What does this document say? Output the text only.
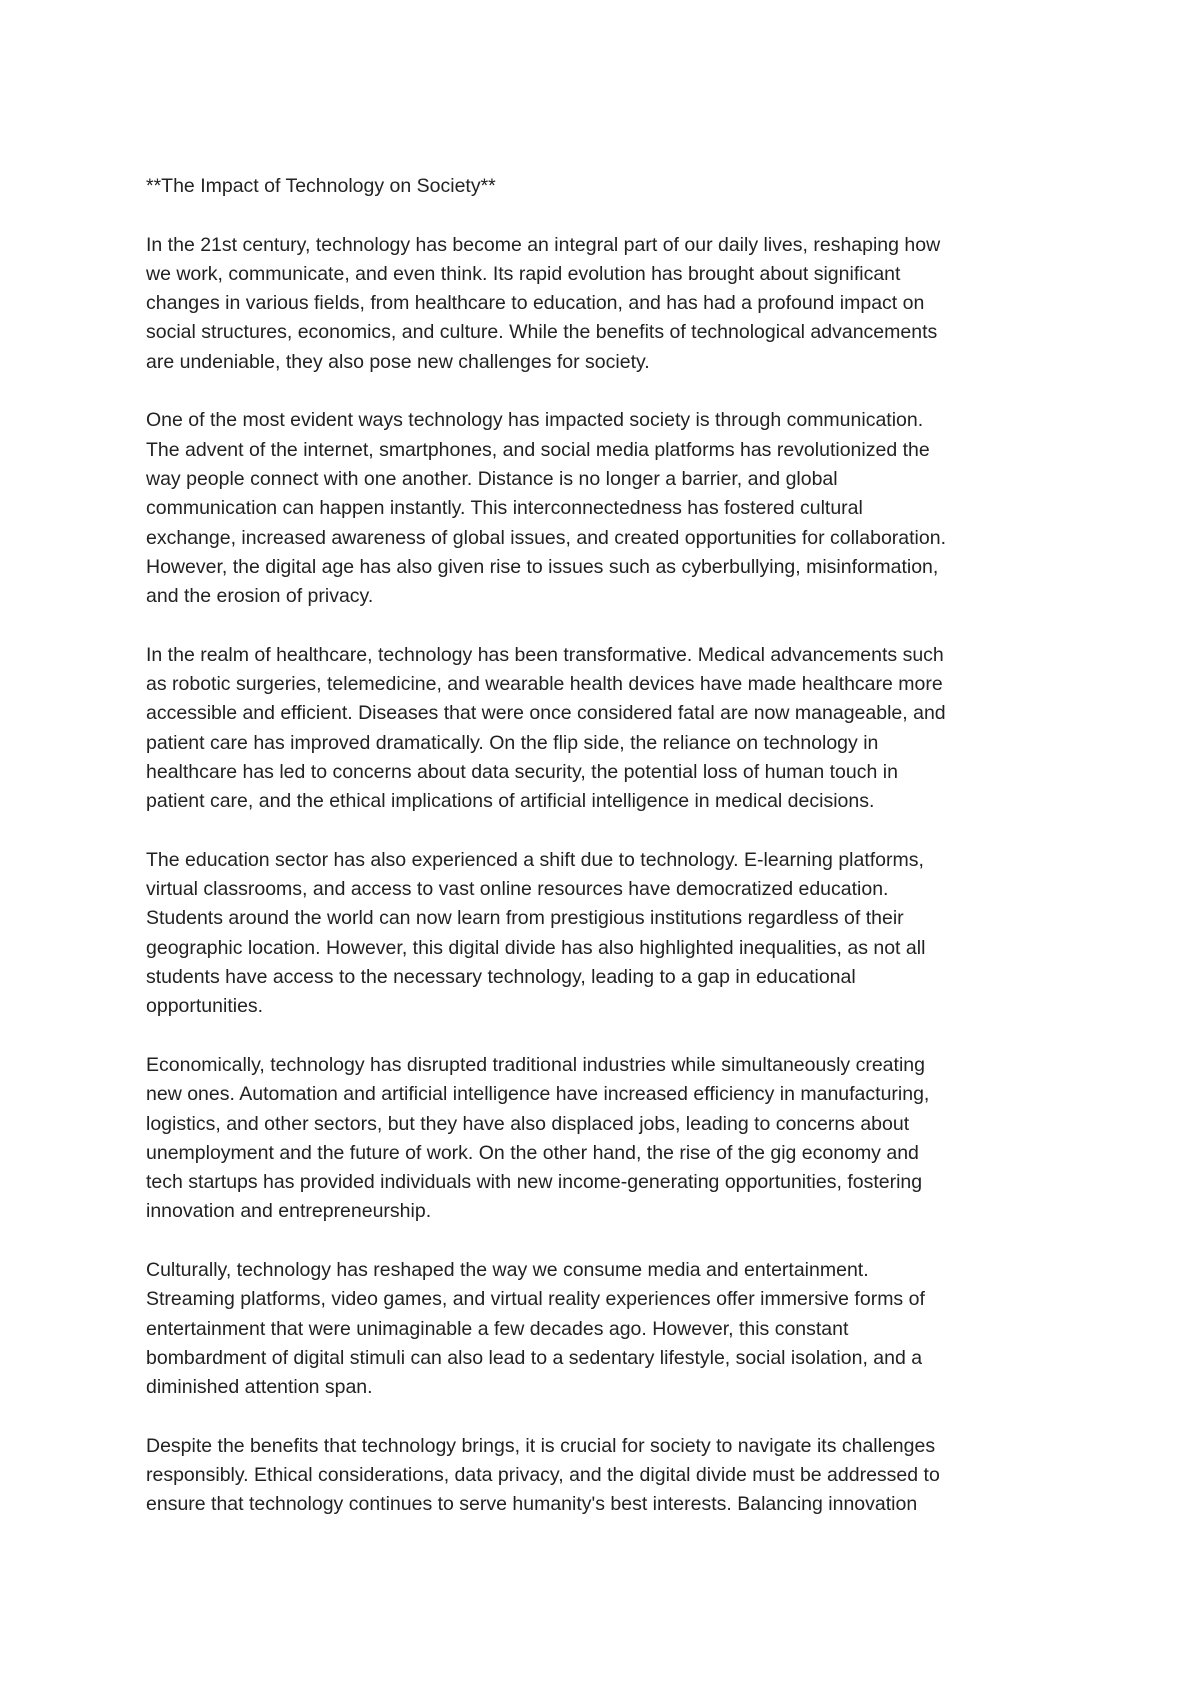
**The Impact of Technology on Society**
In the 21st century, technology has become an integral part of our daily lives, reshaping how
we work, communicate, and even think. Its rapid evolution has brought about significant
changes in various fields, from healthcare to education, and has had a profound impact on
social structures, economics, and culture. While the benefits of technological advancements
are undeniable, they also pose new challenges for society.
One of the most evident ways technology has impacted society is through communication.
The advent of the internet, smartphones, and social media platforms has revolutionized the
way people connect with one another. Distance is no longer a barrier, and global
communication can happen instantly. This interconnectedness has fostered cultural
exchange, increased awareness of global issues, and created opportunities for collaboration.
However, the digital age has also given rise to issues such as cyberbullying, misinformation,
and the erosion of privacy.
In the realm of healthcare, technology has been transformative. Medical advancements such
as robotic surgeries, telemedicine, and wearable health devices have made healthcare more
accessible and efficient. Diseases that were once considered fatal are now manageable, and
patient care has improved dramatically. On the flip side, the reliance on technology in
healthcare has led to concerns about data security, the potential loss of human touch in
patient care, and the ethical implications of artificial intelligence in medical decisions.
The education sector has also experienced a shift due to technology. E-learning platforms,
virtual classrooms, and access to vast online resources have democratized education.
Students around the world can now learn from prestigious institutions regardless of their
geographic location. However, this digital divide has also highlighted inequalities, as not all
students have access to the necessary technology, leading to a gap in educational
opportunities.
Economically, technology has disrupted traditional industries while simultaneously creating
new ones. Automation and artificial intelligence have increased efficiency in manufacturing,
logistics, and other sectors, but they have also displaced jobs, leading to concerns about
unemployment and the future of work. On the other hand, the rise of the gig economy and
tech startups has provided individuals with new income-generating opportunities, fostering
innovation and entrepreneurship.
Culturally, technology has reshaped the way we consume media and entertainment.
Streaming platforms, video games, and virtual reality experiences offer immersive forms of
entertainment that were unimaginable a few decades ago. However, this constant
bombardment of digital stimuli can also lead to a sedentary lifestyle, social isolation, and a
diminished attention span.
Despite the benefits that technology brings, it is crucial for society to navigate its challenges
responsibly. Ethical considerations, data privacy, and the digital divide must be addressed to
ensure that technology continues to serve humanity's best interests. Balancing innovation
